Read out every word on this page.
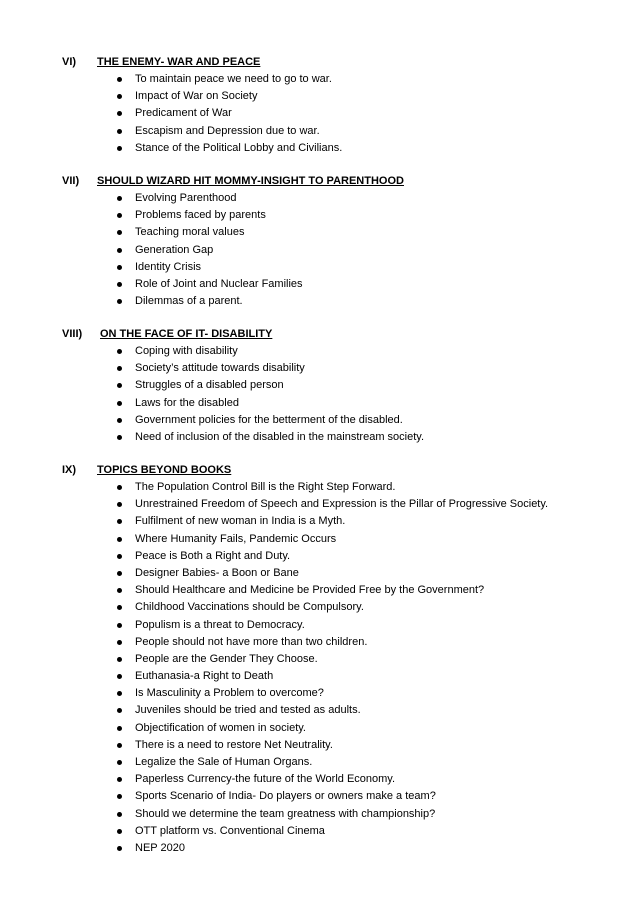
VI) THE ENEMY- WAR AND PEACE
To maintain peace we need to go to war.
Impact of War on Society
Predicament of War
Escapism and Depression due to war.
Stance of the Political Lobby and Civilians.
VII) SHOULD WIZARD HIT MOMMY-INSIGHT TO PARENTHOOD
Evolving Parenthood
Problems faced by parents
Teaching moral values
Generation Gap
Identity Crisis
Role of Joint and Nuclear Families
Dilemmas of a parent.
VIII) ON THE FACE OF IT- DISABILITY
Coping with disability
Society’s attitude towards disability
Struggles of a disabled person
Laws for the disabled
Government policies for the betterment of the disabled.
Need of inclusion of the disabled in the mainstream society.
IX) TOPICS BEYOND BOOKS
The Population Control Bill is the Right Step Forward.
Unrestrained Freedom of Speech and Expression is the Pillar of Progressive Society.
Fulfilment of new woman in India is a Myth.
Where Humanity Fails, Pandemic Occurs
Peace is Both a Right and Duty.
Designer Babies- a Boon or Bane
Should Healthcare and Medicine be Provided Free by the Government?
Childhood Vaccinations should be Compulsory.
Populism is a threat to Democracy.
People should not have more than two children.
People are the Gender They Choose.
Euthanasia-a Right to Death
Is Masculinity a Problem to overcome?
Juveniles should be tried and tested as adults.
Objectification of women in society.
There is a need to restore Net Neutrality.
Legalize the Sale of Human Organs.
Paperless Currency-the future of the World Economy.
Sports Scenario of India- Do players or owners make a team?
Should we determine the team greatness with championship?
OTT platform vs. Conventional Cinema
NEP 2020
